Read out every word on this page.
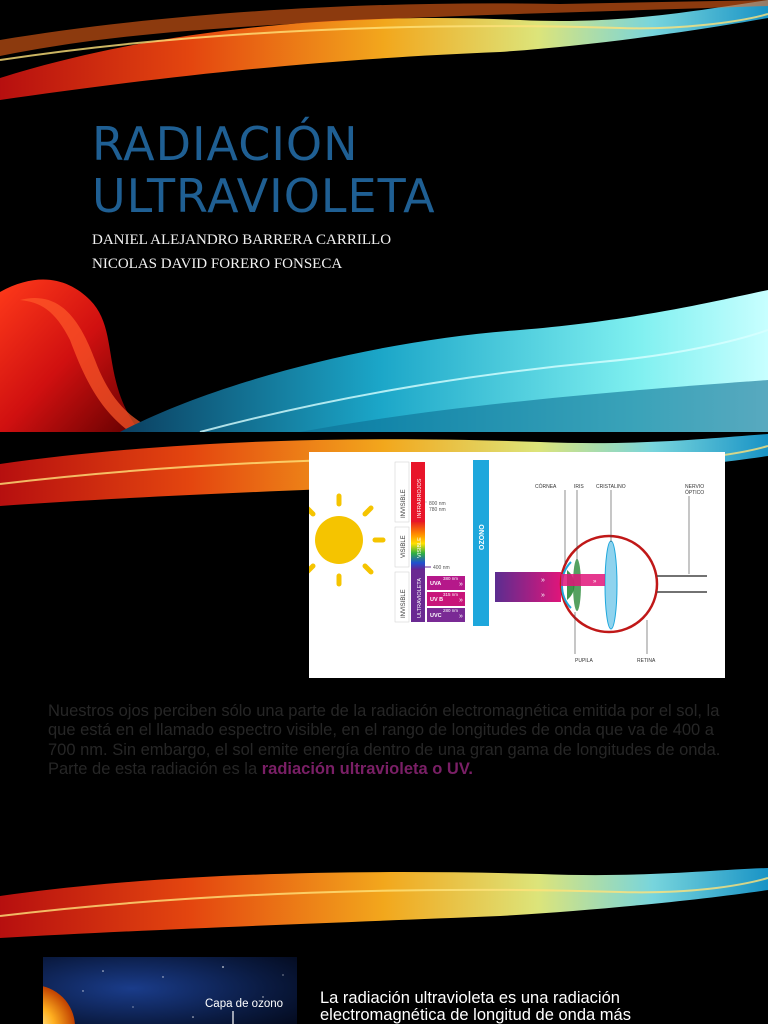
RADIACIÓN
ULTRAVIOLETA
DANIEL ALEJANDRO BARRERA CARRILLO
NICOLAS DAVID FORERO FONSECA
INVISIBLE
VISIBLE
INVISIBLE
INFRARROJOS
VISIBLE
ULTRAVIOLETA
800 nm
780 nm
400 nm
UVA
380 nm
»
UV B
315 nm
»
UVC
280 nm
»
OZONO
»
»
»
CÓRNEA	IRIS CRISTALINO	NERVIO
ÓPTICO
PUPILA	RETINA

Nuestros ojos perciben sólo una parte de la radiación electromagnética emitida por el sol, la que está en el llamado espectro visible, en el rango de longitudes de onda que va de 400 a 700 nm. Sin embargo, el sol emite energía dentro de una gran gama de longitudes de onda. Parte de esta radiación es la radiación ultravioleta o UV.

Capa de ozono La radiación ultravioleta es una radiación electromagnética de longitud de onda más
